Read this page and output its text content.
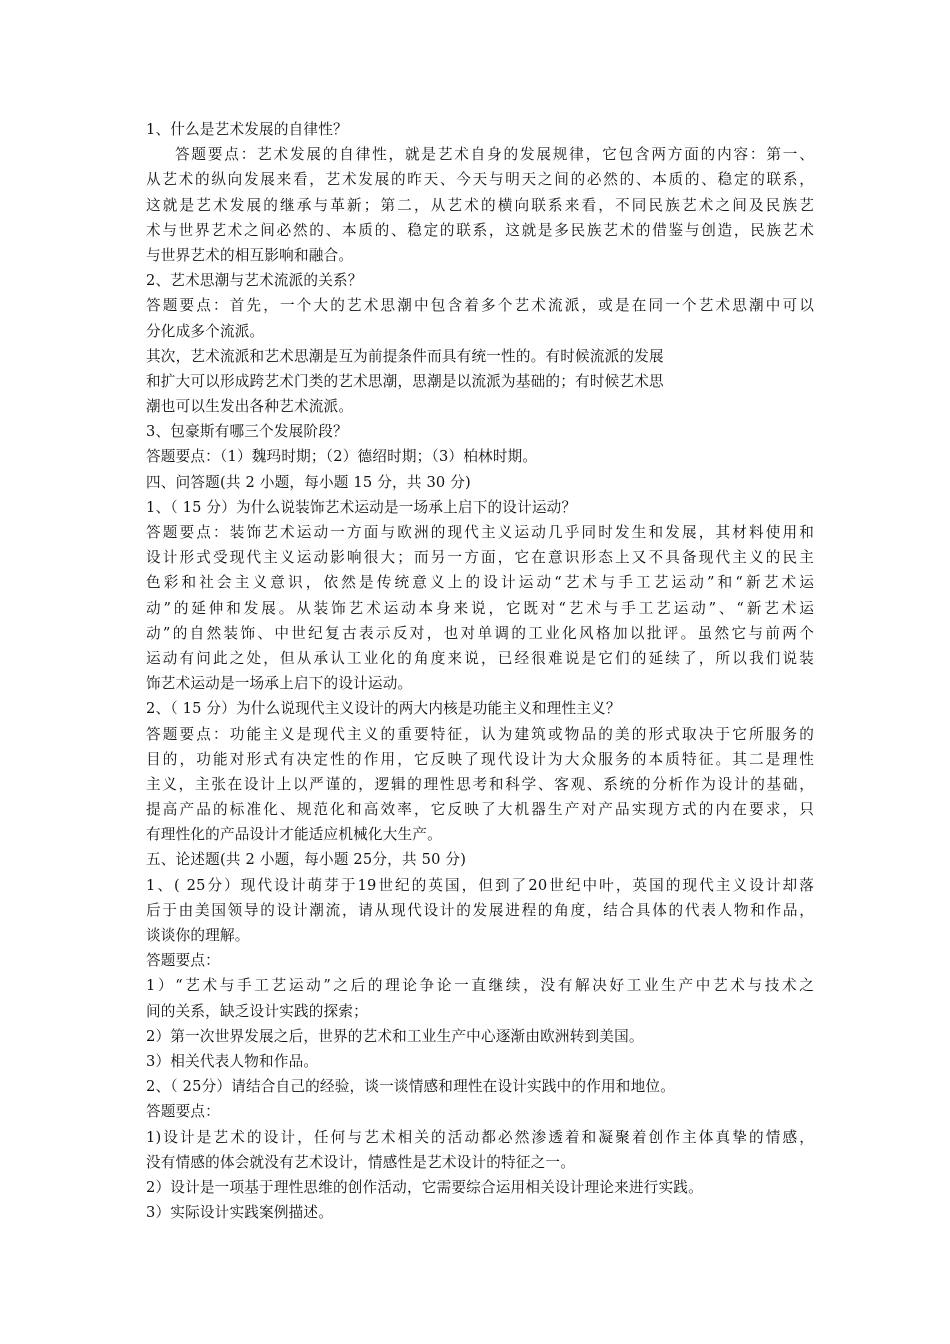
1、什么是艺术发展的自律性？
答题要点：艺术发展的自律性，就是艺术自身的发展规律，它包含两方面的内容：第一、
从艺术的纵向发展来看，艺术发展的昨天、今天与明天之间的必然的、本质的、稳定的联系，
这就是艺术发展的继承与革新；第二，从艺术的横向联系来看，不同民族艺术之间及民族艺
术与世界艺术之间必然的、本质的、稳定的联系，这就是多民族艺术的借鉴与创造，民族艺术
与世界艺术的相互影响和融合。
2、艺术思潮与艺术流派的关系？
答题要点：首先，一个大的艺术思潮中包含着多个艺术流派，或是在同一个艺术思潮中可以
分化成多个流派。
其次，艺术流派和艺术思潮是互为前提条件而具有统一性的。有时候流派的发展
和扩大可以形成跨艺术门类的艺术思潮，思潮是以流派为基础的；有时候艺术思
潮也可以生发出各种艺术流派。
3、包豪斯有哪三个发展阶段？
答题要点：（1）魏玛时期；（2）德绍时期；（3）柏林时期。
四、问答题(共 2 小题，每小题 15 分，共 30 分)
1、（ 15 分）为什么说装饰艺术运动是一场承上启下的设计运动？
答题要点：装饰艺术运动一方面与欧洲的现代主义运动几乎同时发生和发展，其材料使用和
设计形式受现代主义运动影响很大；而另一方面，它在意识形态上又不具备现代主义的民主
色彩和社会主义意识，依然是传统意义上的设计运动“艺术与手工艺运动”和“新艺术运
动”的延伸和发展。从装饰艺术运动本身来说，它既对“艺术与手工艺运动”、“新艺术运
动”的自然装饰、中世纪复古表示反对，也对单调的工业化风格加以批评。虽然它与前两个
运动有问此之处，但从承认工业化的角度来说，已经很难说是它们的延续了，所以我们说装
饰艺术运动是一场承上启下的设计运动。
2、（ 15 分）为什么说现代主义设计的两大内核是功能主义和理性主义？
答题要点：功能主义是现代主义的重要特征，认为建筑或物品的美的形式取决于它所服务的
目的，功能对形式有决定性的作用，它反映了现代设计为大众服务的本质特征。其二是理性
主义，主张在设计上以严谨的，逻辑的理性思考和科学、客观、系统的分析作为设计的基础，
提高产品的标准化、规范化和高效率，它反映了大机器生产对产品实现方式的内在要求，只
有理性化的产品设计才能适应机械化大生产。
五、论述题(共 2 小题，每小题 25分，共 50 分)
1、( 25分）现代设计萌芽于19世纪的英国，但到了20世纪中叶，英国的现代主义设计却落
后于由美国领导的设计潮流，请从现代设计的发展进程的角度，结合具体的代表人物和作品，
谈谈你的理解。
答题要点：
1）“艺术与手工艺运动”之后的理论争论一直继续，没有解决好工业生产中艺术与技术之
间的关系，缺乏设计实践的探索；
2）第一次世界发展之后，世界的艺术和工业生产中心逐渐由欧洲转到美国。
3）相关代表人物和作品。
2、（ 25分）请结合自己的经验，谈一谈情感和理性在设计实践中的作用和地位。
答题要点：
1)设计是艺术的设计，任何与艺术相关的活动都必然渗透着和凝聚着创作主体真挚的情感，
没有情感的体会就没有艺术设计，情感性是艺术设计的特征之一。
2）设计是一项基于理性思维的创作活动，它需要综合运用相关设计理论来进行实践。
3）实际设计实践案例描述。
